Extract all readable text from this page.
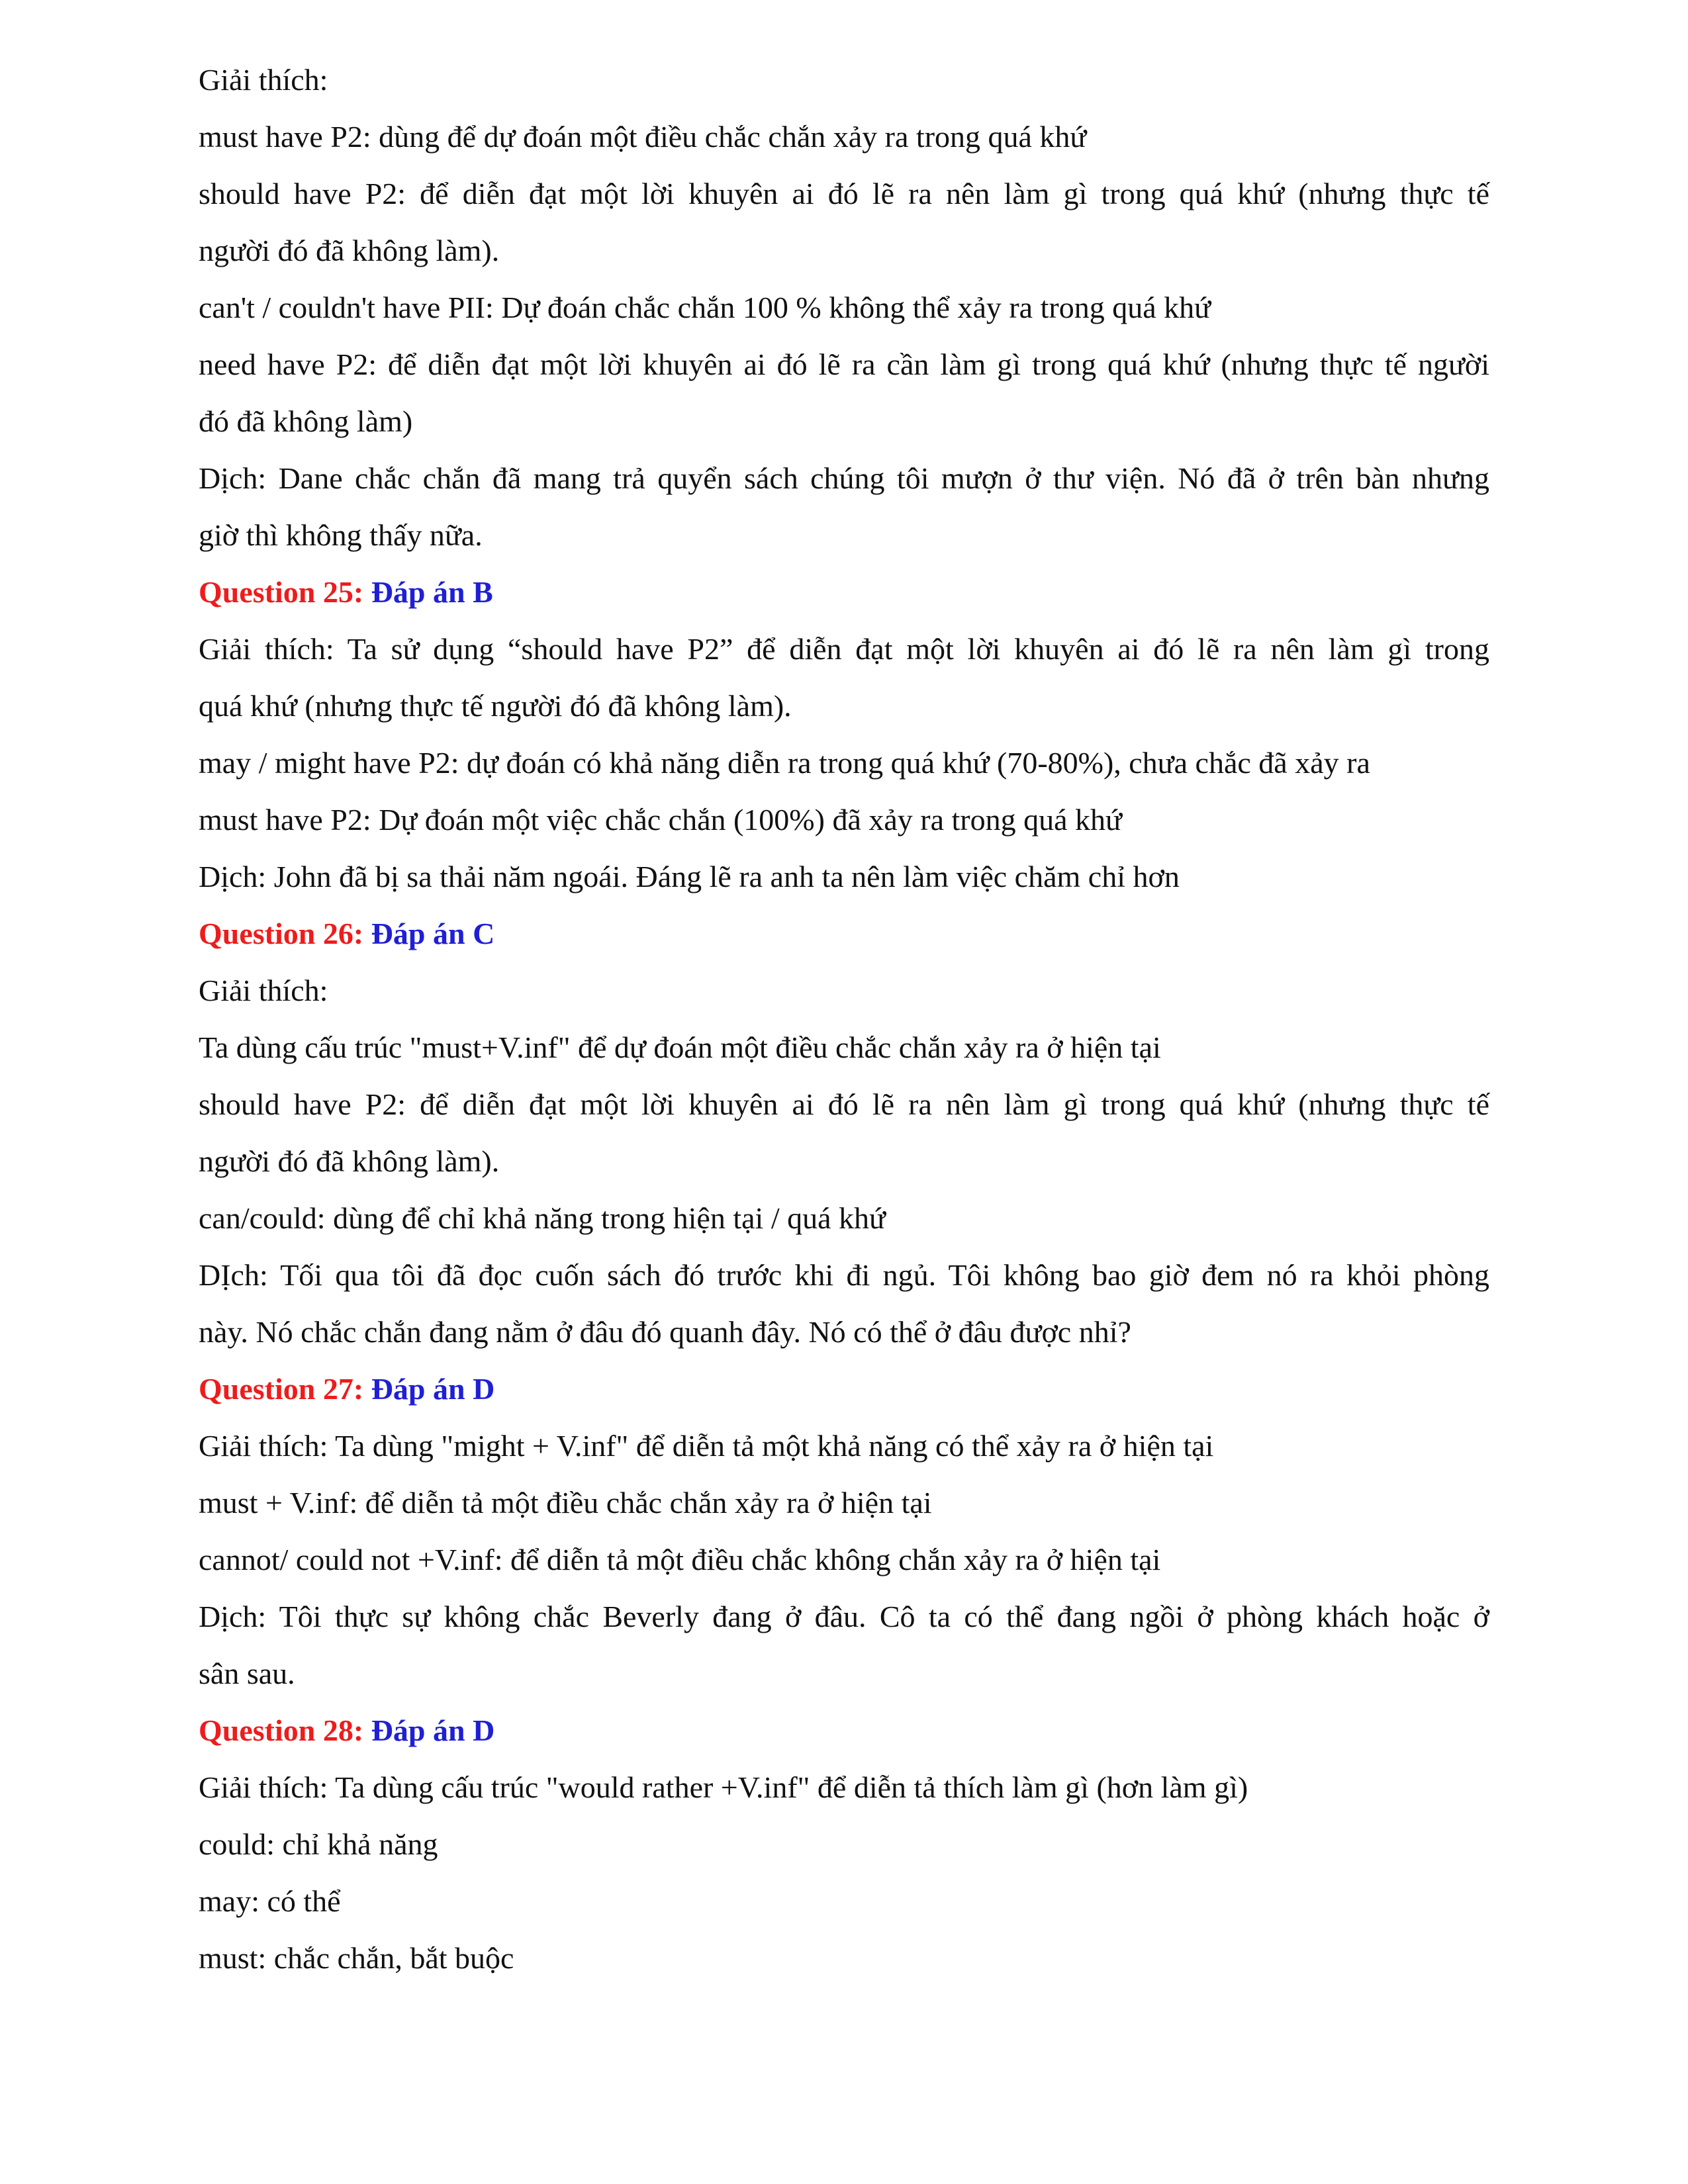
Giải thích:
must have P2: dùng để dự đoán một điều chắc chắn xảy ra trong quá khứ
should have P2: để diễn đạt một lời khuyên ai đó lẽ ra nên làm gì trong quá khứ (nhưng thực tế
người đó đã không làm).
can't / couldn't have PII: Dự đoán chắc chắn 100 % không thể xảy ra trong quá khứ
need have P2: để diễn đạt một lời khuyên ai đó lẽ ra cần làm gì trong quá khứ (nhưng thực tế người
đó đã không làm)
Dịch: Dane chắc chắn đã mang trả quyển sách chúng tôi mượn ở thư viện. Nó đã ở trên bàn nhưng
giờ thì không thấy nữa.
Question 25: Đáp án B
Giải thích: Ta sử dụng “should have P2” để diễn đạt một lời khuyên ai đó lẽ ra nên làm gì trong
quá khứ (nhưng thực tế người đó đã không làm).
may / might have P2: dự đoán có khả năng diễn ra trong quá khứ (70-80%), chưa chắc đã xảy ra
must have P2: Dự đoán một việc chắc chắn (100%) đã xảy ra trong quá khứ
Dịch: John đã bị sa thải năm ngoái. Đáng lẽ ra anh ta nên làm việc chăm chỉ hơn
Question 26: Đáp án C
Giải thích:
Ta dùng cấu trúc "must+V.inf" để dự đoán một điều chắc chắn xảy ra ở hiện tại
should have P2: để diễn đạt một lời khuyên ai đó lẽ ra nên làm gì trong quá khứ (nhưng thực tế
người đó đã không làm).
can/could: dùng để chỉ khả năng trong hiện tại / quá khứ
DỊch: Tối qua tôi đã đọc cuốn sách đó trước khi đi ngủ. Tôi không bao giờ đem nó ra khỏi phòng
này. Nó chắc chắn đang nằm ở đâu đó quanh đây. Nó có thể ở đâu được nhỉ?
Question 27: Đáp án D
Giải thích: Ta dùng "might + V.inf" để diễn tả một khả năng có thể xảy ra ở hiện tại
must + V.inf: để diễn tả một điều chắc chắn xảy ra ở hiện tại
cannot/ could not +V.inf: để diễn tả một điều chắc không chắn xảy ra ở hiện tại
Dịch: Tôi thực sự không chắc Beverly đang ở đâu. Cô ta có thể đang ngồi ở phòng khách hoặc ở
sân sau.
Question 28: Đáp án D
Giải thích: Ta dùng cấu trúc "would rather +V.inf" để diễn tả thích làm gì (hơn làm gì)
could: chỉ khả năng
may: có thể
must: chắc chắn, bắt buộc
